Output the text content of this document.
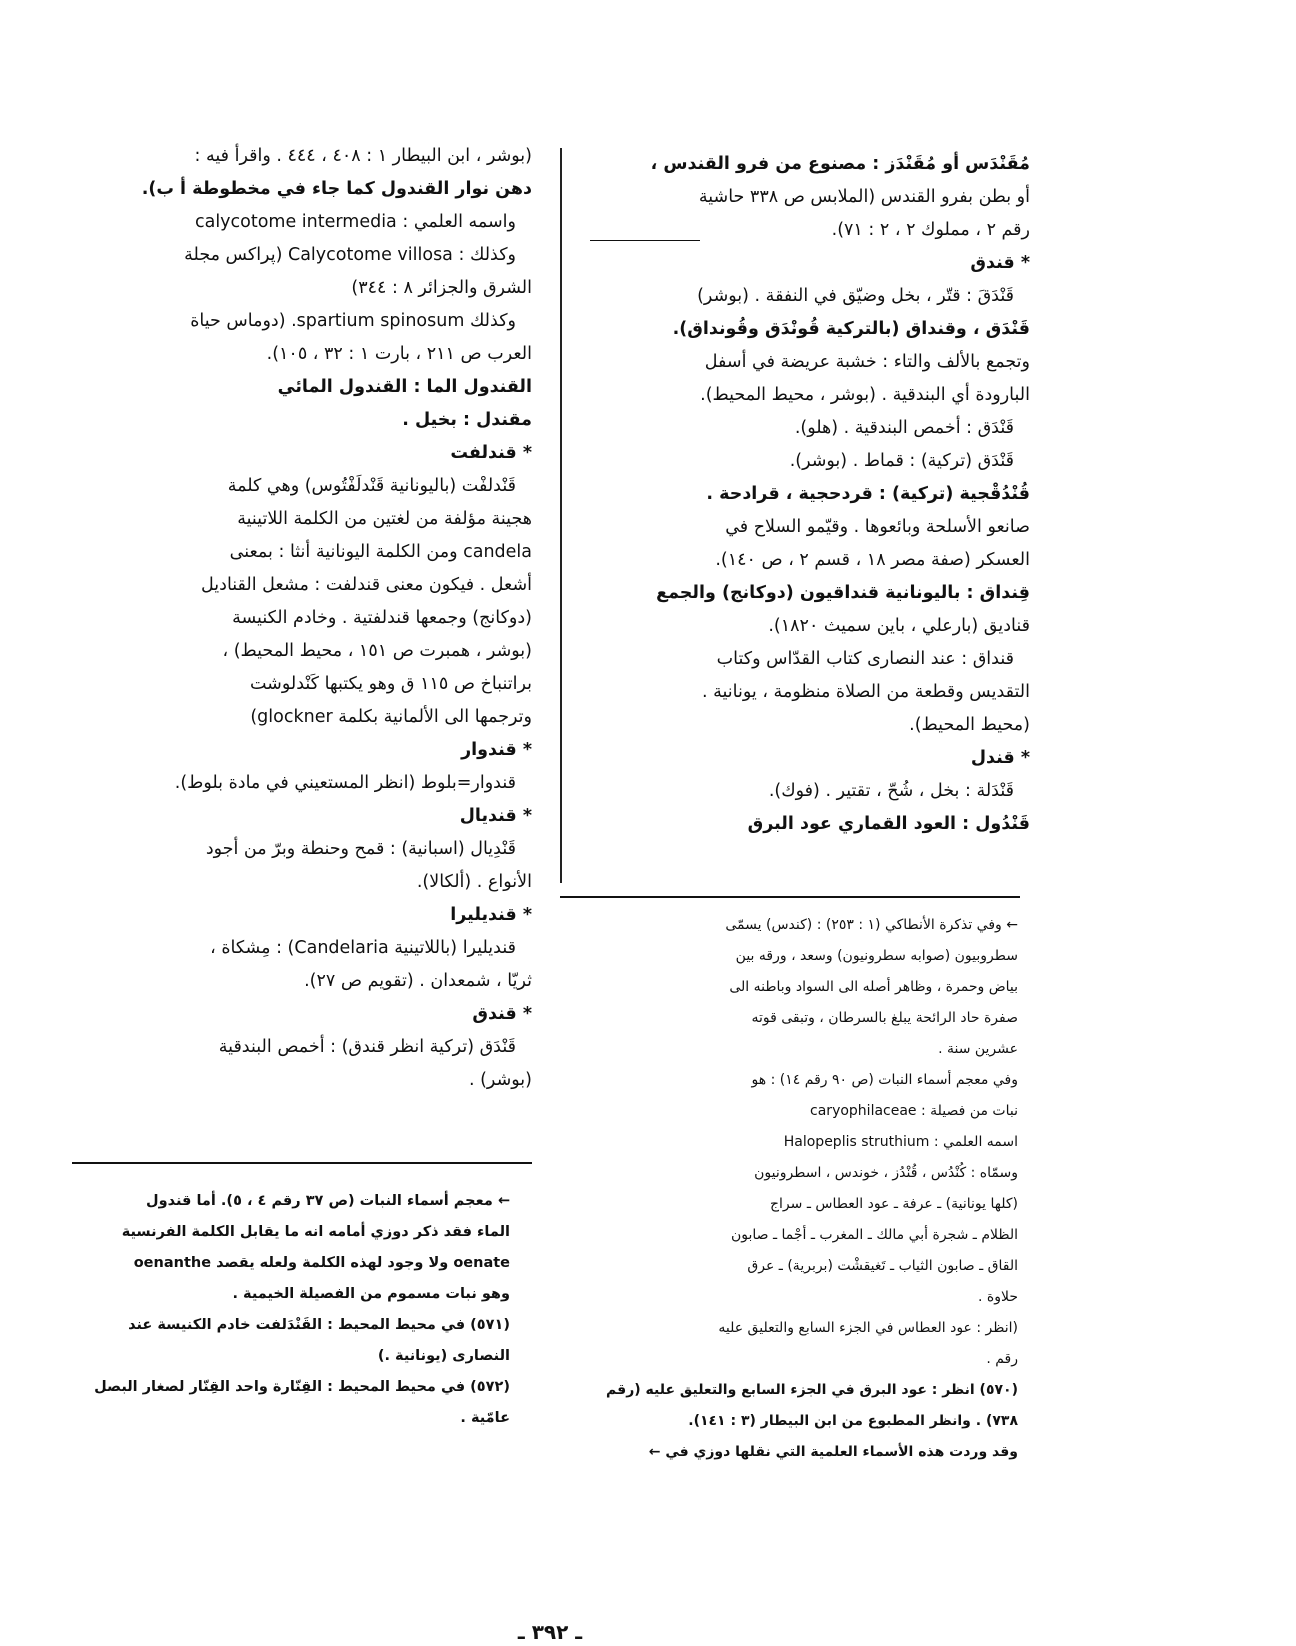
مُقَنْدَس أو مُقَنْدَز : مصنوع من فرو القندس ،
أو بطن بفرو القندس (الملابس ص ٣٣٨ حاشية
رقم ٢ ، مملوك ٢ ، ٢ : ٧١).
* قندق
قَنْدَقَ : قتّر ، بخل وضيّق في النفقة . (بوشر)
قَنْدَق ، وقنداق (بالتركية قُونْدَق وقُونداق).
وتجمع بالألف والتاء : خشبة عريضة في أسفل
البارودة أي البندقية . (بوشر ، محيط المحيط).
قَنْدَق : أخمص البندقية . (هلو).
قَنْدَق (تركية) : قماط . (بوشر).
قُنْدُقْجية (تركية) : قردحجية ، قرادحة .
صانعو الأسلحة وبائعوها . وقيّمو السلاح في
العسكر (صفة مصر ١٨ ، قسم ٢ ، ص ١٤٠).
قِنداق : باليونانية قنداقيون (دوكانج) والجمع
قناديق (بارعلي ، باين سميث ١٨٢٠).
قنداق : عند النصارى كتاب القدّاس وكتاب
التقديس وقطعة من الصلاة منظومة ، يونانية .
(محيط المحيط).
* قندل
قَنْدَلة : بخل ، شُحّ ، تقتير . (فوك).
قَنْدُول : العود القماري عود البرق
(بوشر ، ابن البيطار ١ : ٤٠٨ ، ٤٤٤ . واقرأ فيه :
دهن نوار القندول كما جاء في مخطوطة أ ب).
واسمه العلمي : calycotome intermedia
وكذلك : Calycotome villosa (پراكس مجلة
الشرق والجزائر ٨ : ٣٤٤)
وكذلك spartium spinosum. (دوماس حياة
العرب ص ٢١١ ، بارت ١ : ٣٢ ، ١٠٥).
القندول الما : القندول المائي
مقندل : بخيل .
* قندلفت
قَنْدلفْت (باليونانية قَنْدلَفْتُوس) وهي كلمة
هجينة مؤلفة من لغتين من الكلمة اللاتينية
candela ومن الكلمة اليونانية أنثا : بمعنى
أشعل . فيكون معنى قندلفت : مشعل القناديل
(دوكانج) وجمعها قندلفتية . وخادم الكنيسة
(بوشر ، همبرت ص ١٥١ ، محيط المحيط) ،
براتنباخ ص ١١٥ ق وهو يكتبها كَنْدلوشت
وترجمها الى الألمانية بكلمة glockner)
* قندوار
قندوار=بلوط (انظر المستعيني في مادة بلوط).
* قنديال
قَنْدِيال (اسبانية) : قمح وحنطة وبرّ من أجود
الأنواع . (ألكالا).
* قنديليرا
قنديليرا (باللاتينية Candelaria) : مِشكاة ،
ثريّا ، شمعدان . (تقويم ص ٢٧).
* قندق
قَنْدَق (تركية انظر قندق) : أخمص البندقية
(بوشر) .
← وفي تذكرة الأنطاكي (١ : ٢٥٣) : (كندس) يسمّى
سطروبيون (صوابه سطرونيون) وسعد ، ورقه بين
بياض وحمرة ، وظاهر أصله الى السواد وباطنه الى
صفرة حاد الرائحة يبلغ بالسرطان ، وتبقى قوته
عشرين سنة .
وفي معجم أسماء النبات (ص ٩٠ رقم ١٤) : هو
نبات من فصيلة : caryophilaceae
اسمه العلمي : Halopeplis struthium
وسمّاه : كُنْدُس ، قُنْدُز ، خوندس ، اسطرونيون
(كلها يونانية) ـ عرفة ـ عود العطاس ـ سراج
الظلام ـ شجرة أبي مالك ـ المغرب ـ أجْما ـ صابون
القاق ـ صابون الثياب ـ تَغيقشْت (بربرية) ـ عرق
حلاوة .
(انظر : عود العطاس في الجزء السابع والتعليق عليه
رقم .
(٥٧٠) انظر : عود البرق في الجزء السابع والتعليق عليه (رقم
٧٣٨) . وانظر المطبوع من ابن البيطار (٣ : ١٤١).
وقد وردت هذه الأسماء العلمية التي نقلها دوزي في ←
← معجم أسماء النبات (ص ٣٧ رقم ٤ ، ٥). أما قندول
الماء فقد ذكر دوزي أمامه انه ما يقابل الكلمة الفرنسية
oenate ولا وجود لهذه الكلمة ولعله يقصد oenanthe
وهو نبات مسموم من الفصيلة الخيمية .
(٥٧١) في محيط المحيط : القَنْدَلفت خادم الكنيسة عند
النصارى (يونانية .)
(٥٧٢) في محيط المحيط : القِنّارة واحد القِنّار لصغار البصل
عامّية .
ـ ٣٩٢ ـ
